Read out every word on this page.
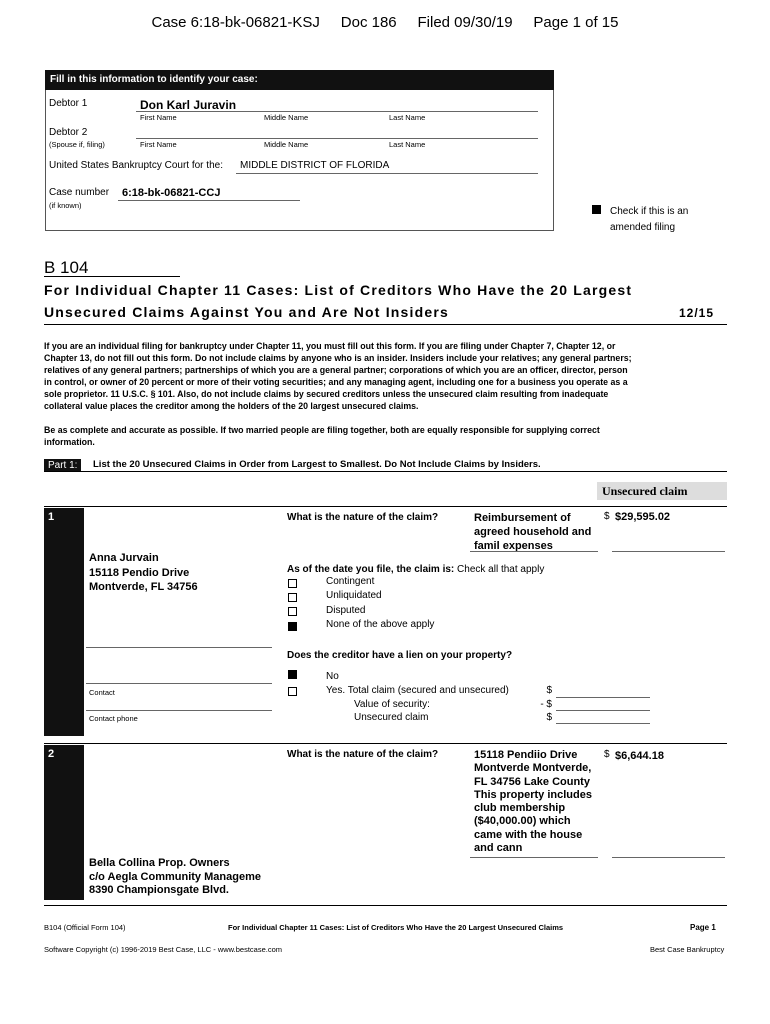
Case 6:18-bk-06821-KSJ Doc 186 Filed 09/30/19 Page 1 of 15
Fill in this information to identify your case:
Debtor 1	Don Karl Juravin
First Name	Middle Name	Last Name
Debtor 2
(Spouse if, filing)	First Name	Middle Name	Last Name
United States Bankruptcy Court for the: MIDDLE DISTRICT OF FLORIDA
Case number 6:18-bk-06821-CCJ
(if known)
Check if this is an
amended filing
B 104
For Individual Chapter 11 Cases: List of Creditors Who Have the 20 Largest
Unsecured Claims Against You and Are Not Insiders	12/15
If you are an individual filing for bankruptcy under Chapter 11, you must fill out this form. If you are filing under Chapter 7, Chapter 12, or
Chapter 13, do not fill out this form. Do not include claims by anyone who is an insider. Insiders include your relatives; any general partners;
relatives of any general partners; partnerships of which you are a general partner; corporations of which you are an officer, director, person
in control, or owner of 20 percent or more of their voting securities; and any managing agent, including one for a business you operate as a
sole proprietor. 11 U.S.C. § 101. Also, do not include claims by secured creditors unless the unsecured claim resulting from inadequate
collateral value places the creditor among the holders of the 20 largest unsecured claims.
Be as complete and accurate as possible. If two married people are filing together, both are equally responsible for supplying correct
information.
Part 1:	List the 20 Unsecured Claims in Order from Largest to Smallest. Do Not Include Claims by Insiders.
Unsecured claim
1
Anna Jurvain
15118 Pendio Drive
Montverde, FL 34756
Contact
Contact phone
What is the nature of the claim?	Reimbursement of
agreed household and
famil expenses
$ $29,595.02
As of the date you file, the claim is: Check all that apply
Contingent
Unliquidated
Disputed
None of the above apply
Does the creditor have a lien on your property?
No
Yes. Total claim (secured and unsecured)
Value of security:
Unsecured claim
$
- $
$
2
Bella Collina Prop. Owners
c/o Aegla Community Manageme
8390 Championsgate Blvd.
What is the nature of the claim?	15118 Pendiio Drive
Montverde Montverde,
FL 34756 Lake County
This property includes
club membership
($40,000.00) which
came with the house
and cann
$ $6,644.18
B104 (Official Form 104)	For Individual Chapter 11 Cases: List of Creditors Who Have the 20 Largest Unsecured Claims	Page 1
Software Copyright (c) 1996-2019 Best Case, LLC - www.bestcase.com	Best Case Bankruptcy
